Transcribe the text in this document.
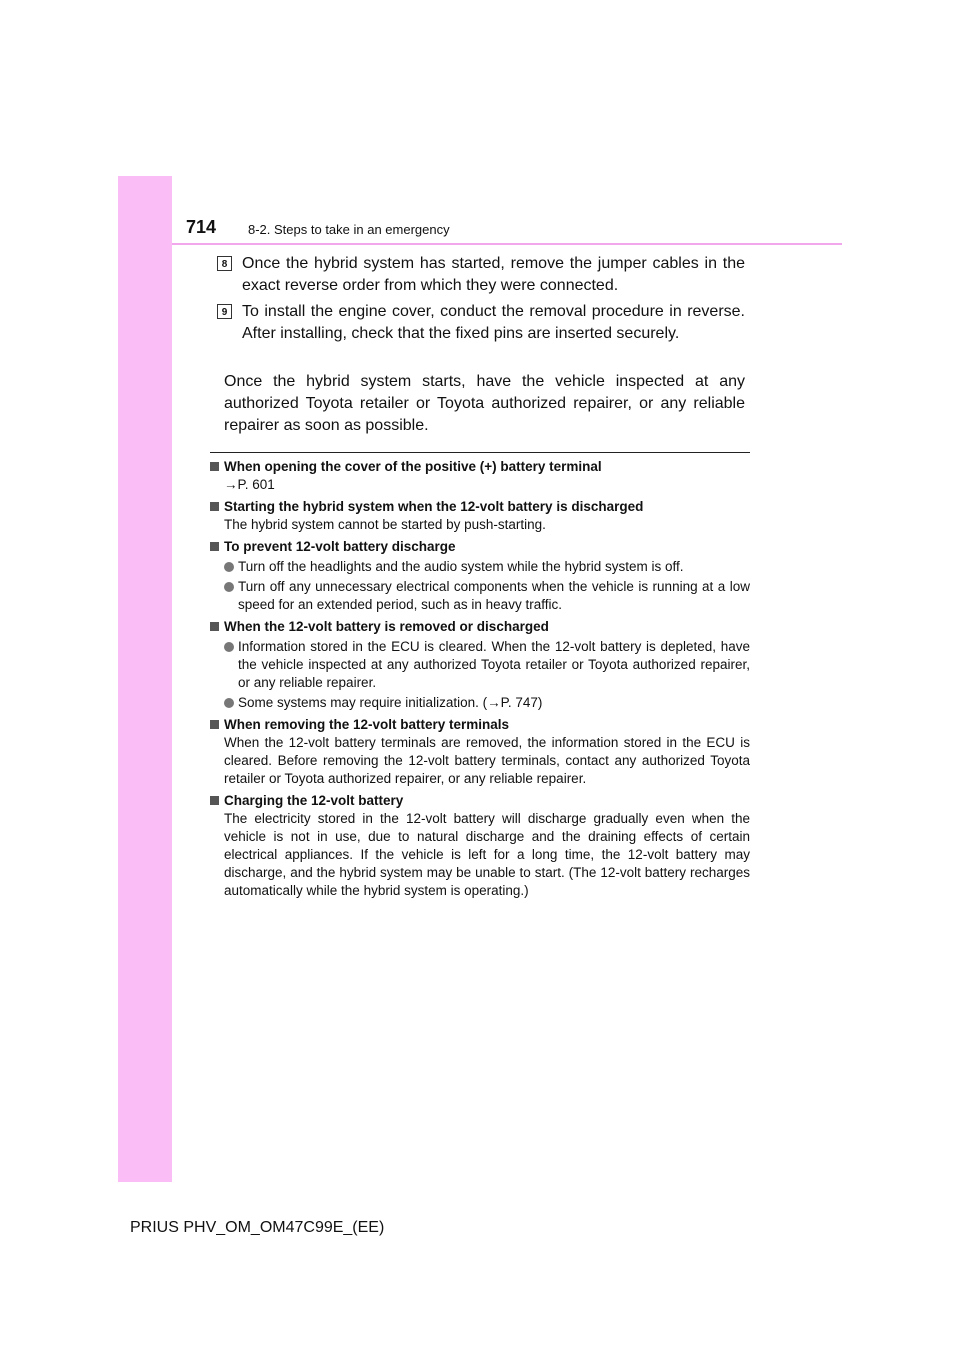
714 8-2. Steps to take in an emergency
8 Once the hybrid system has started, remove the jumper cables in the exact reverse order from which they were connected.
9 To install the engine cover, conduct the removal procedure in reverse. After installing, check that the fixed pins are inserted securely.
Once the hybrid system starts, have the vehicle inspected at any authorized Toyota retailer or Toyota authorized repairer, or any reliable repairer as soon as possible.
When opening the cover of the positive (+) battery terminal
→P. 601
Starting the hybrid system when the 12-volt battery is discharged
The hybrid system cannot be started by push-starting.
To prevent 12-volt battery discharge
Turn off the headlights and the audio system while the hybrid system is off.
Turn off any unnecessary electrical components when the vehicle is running at a low speed for an extended period, such as in heavy traffic.
When the 12-volt battery is removed or discharged
Information stored in the ECU is cleared. When the 12-volt battery is depleted, have the vehicle inspected at any authorized Toyota retailer or Toyota authorized repairer, or any reliable repairer.
Some systems may require initialization. (→P. 747)
When removing the 12-volt battery terminals
When the 12-volt battery terminals are removed, the information stored in the ECU is cleared. Before removing the 12-volt battery terminals, contact any authorized Toyota retailer or Toyota authorized repairer, or any reliable repairer.
Charging the 12-volt battery
The electricity stored in the 12-volt battery will discharge gradually even when the vehicle is not in use, due to natural discharge and the draining effects of certain electrical appliances. If the vehicle is left for a long time, the 12-volt battery may discharge, and the hybrid system may be unable to start. (The 12-volt battery recharges automatically while the hybrid system is operating.)
PRIUS PHV_OM_OM47C99E_(EE)
